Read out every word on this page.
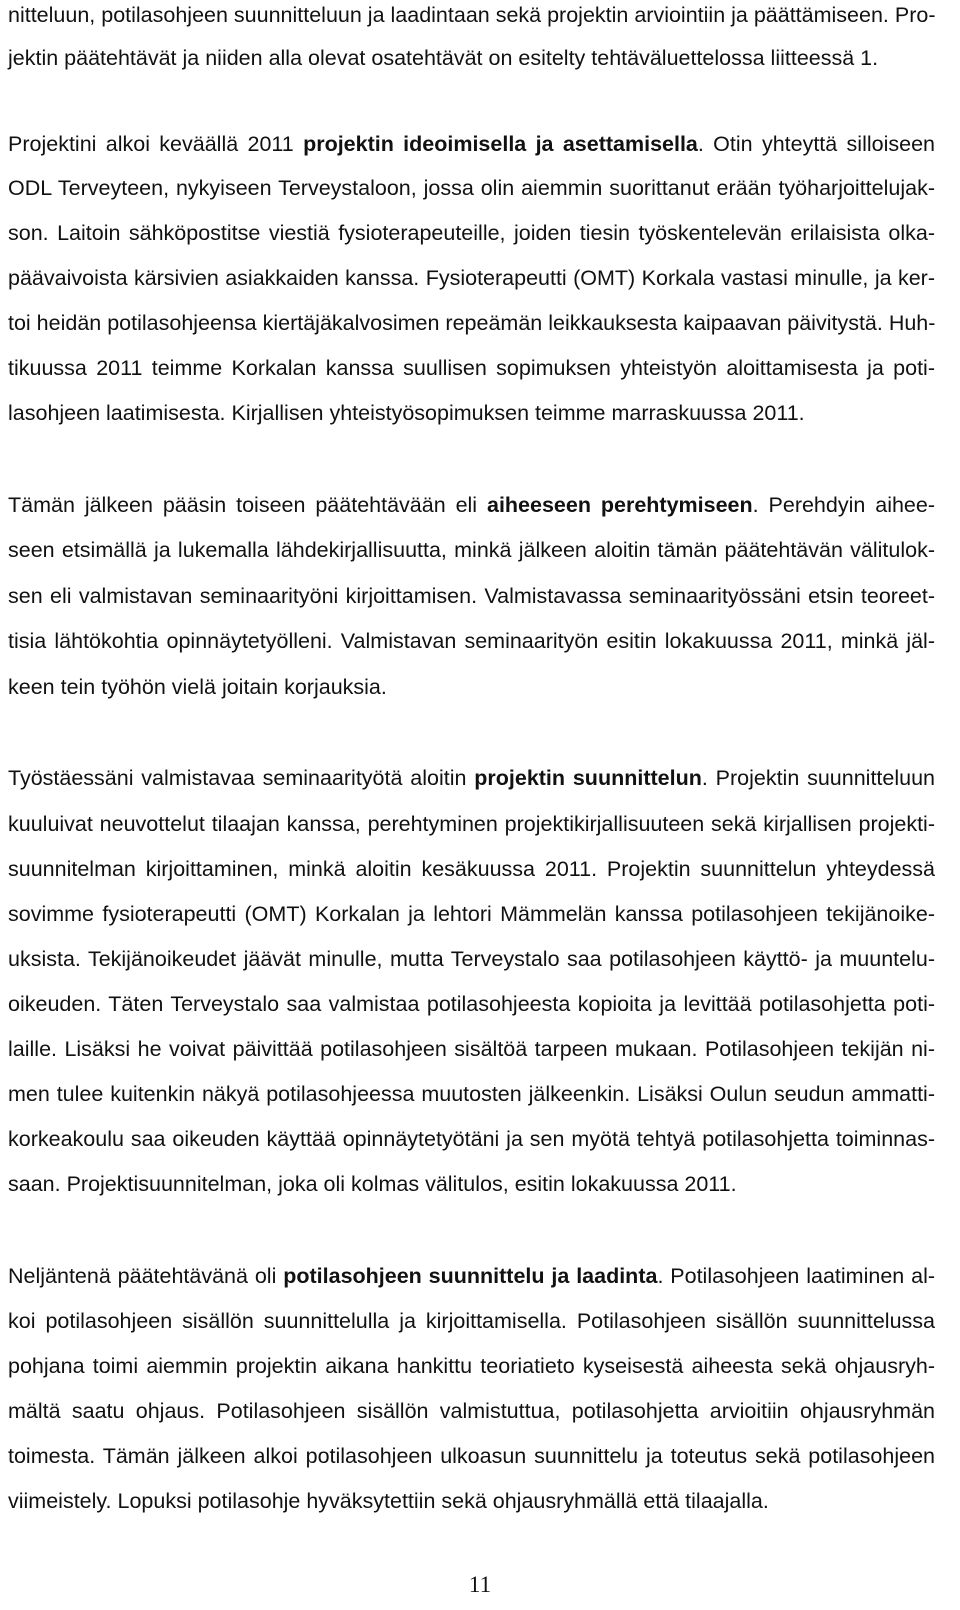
nitteluun, potilasohjeen suunnitteluun ja laadintaan sekä projektin arviointiin ja päättämiseen. Pro-
jektin päätehtävät ja niiden alla olevat osatehtävät on esitelty tehtäväluettelossa liitteessä 1.
Projektini alkoi keväällä 2011 projektin ideoimisella ja asettamisella. Otin yhteyttä silloiseen
ODL Terveyteen, nykyiseen Terveystaloon, jossa olin aiemmin suorittanut erään työharjoittelujak-
son. Laitoin sähköpostitse viestiä fysioterapeuteille, joiden tiesin työskentelevän erilaisista olka-
päävaivoista kärsivien asiakkaiden kanssa. Fysioterapeutti (OMT) Korkala vastasi minulle, ja ker-
toi heidän potilasohjeensa kiertäjäkalvosimen repeämän leikkauksesta kaipaavan päivitystä. Huh-
tikuussa 2011 teimme Korkalan kanssa suullisen sopimuksen yhteistyön aloittamisesta ja poti-
lasohjeen laatimisesta. Kirjallisen yhteistyösopimuksen teimme marraskuussa 2011.
Tämän jälkeen pääsin toiseen päätehtävään eli aiheeseen perehtymiseen. Perehdyin aihee-
seen etsimällä ja lukemalla lähdekirjallisuutta, minkä jälkeen aloitin tämän päätehtävän välitulok-
sen eli valmistavan seminaarityöni kirjoittamisen. Valmistavassa seminaarityössäni etsin teoreet-
tisia lähtökohtia opinnäytetyölleni. Valmistavan seminaarityön esitin lokakuussa 2011, minkä jäl-
keen tein työhön vielä joitain korjauksia.
Työstäessäni valmistavaa seminaarityötä aloitin projektin suunnittelun. Projektin suunnitteluun
kuuluivat neuvottelut tilaajan kanssa, perehtyminen projektikirjallisuuteen sekä kirjallisen projekti-
suunnitelman kirjoittaminen, minkä aloitin kesäkuussa 2011. Projektin suunnittelun yhteydessä
sovimme fysioterapeutti (OMT) Korkalan ja lehtori Mämmelän kanssa potilasohjeen tekijänoike-
uksista. Tekijänoikeudet jäävät minulle, mutta Terveystalo saa potilasohjeen käyttö- ja muuntelu-
oikeuden. Täten Terveystalo saa valmistaa potilasohjeesta kopioita ja levittää potilasohjetta poti-
laille. Lisäksi he voivat päivittää potilasohjeen sisältöä tarpeen mukaan. Potilasohjeen tekijän ni-
men tulee kuitenkin näkyä potilasohjeessa muutosten jälkeenkin. Lisäksi Oulun seudun ammatti-
korkeakoulu saa oikeuden käyttää opinnäytetyötäni ja sen myötä tehtyä potilasohjetta toiminnas-
saan. Projektisuunnitelman, joka oli kolmas välitulos, esitin lokakuussa 2011.
Neljäntenä päätehtävänä oli potilasohjeen suunnittelu ja laadinta. Potilasohjeen laatiminen al-
koi potilasohjeen sisällön suunnittelulla ja kirjoittamisella. Potilasohjeen sisällön suunnittelussa
pohjana toimi aiemmin projektin aikana hankittu teoriatieto kyseisestä aiheesta sekä ohjausryh-
mältä saatu ohjaus. Potilasohjeen sisällön valmistuttua, potilasohjetta arvioitiin ohjausryhmän
toimesta. Tämän jälkeen alkoi potilasohjeen ulkoasun suunnittelu ja toteutus sekä potilasohjeen
viimeistely. Lopuksi potilasohje hyväksytettiin sekä ohjausryhmällä että tilaajalla.
11
